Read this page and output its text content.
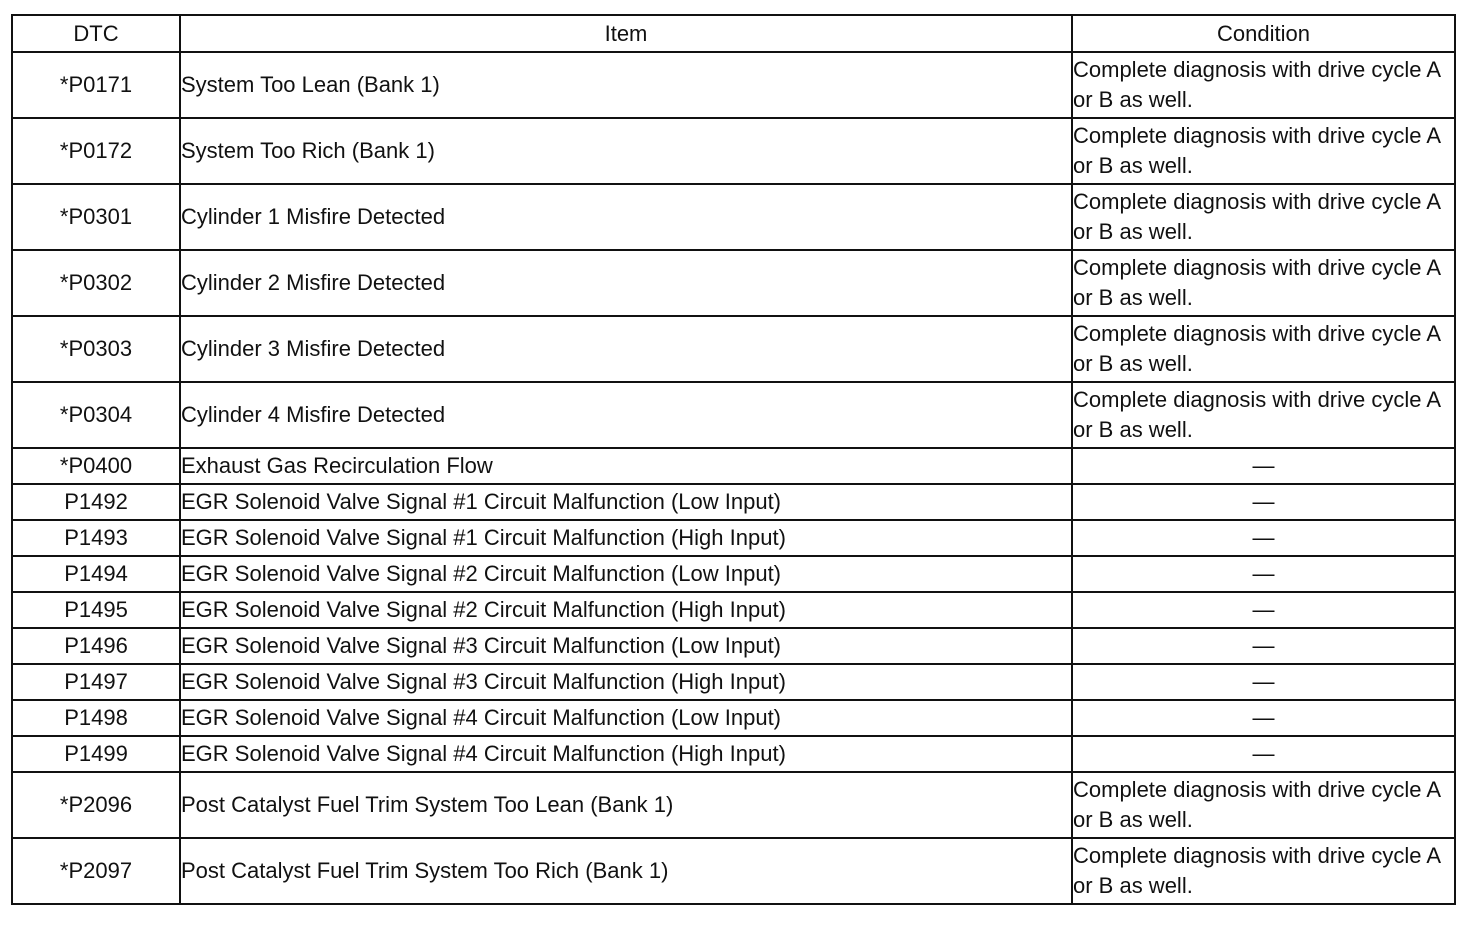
DTC	Item	Condition
*P0171	System Too Lean (Bank 1)	Complete diagnosis with drive cycle A or B as well.
*P0172	System Too Rich (Bank 1)	Complete diagnosis with drive cycle A or B as well.
*P0301	Cylinder 1 Misfire Detected	Complete diagnosis with drive cycle A or B as well.
*P0302	Cylinder 2 Misfire Detected	Complete diagnosis with drive cycle A or B as well.
*P0303	Cylinder 3 Misfire Detected	Complete diagnosis with drive cycle A or B as well.
*P0304	Cylinder 4 Misfire Detected	Complete diagnosis with drive cycle A or B as well.
*P0400	Exhaust Gas Recirculation Flow	—
P1492	EGR Solenoid Valve Signal #1 Circuit Malfunction (Low Input)	—
P1493	EGR Solenoid Valve Signal #1 Circuit Malfunction (High Input)	—
P1494	EGR Solenoid Valve Signal #2 Circuit Malfunction (Low Input)	—
P1495	EGR Solenoid Valve Signal #2 Circuit Malfunction (High Input)	—
P1496	EGR Solenoid Valve Signal #3 Circuit Malfunction (Low Input)	—
P1497	EGR Solenoid Valve Signal #3 Circuit Malfunction (High Input)	—
P1498	EGR Solenoid Valve Signal #4 Circuit Malfunction (Low Input)	—
P1499	EGR Solenoid Valve Signal #4 Circuit Malfunction (High Input)	—
*P2096	Post Catalyst Fuel Trim System Too Lean (Bank 1)	Complete diagnosis with drive cycle A or B as well.
*P2097	Post Catalyst Fuel Trim System Too Rich (Bank 1)	Complete diagnosis with drive cycle A or B as well.
